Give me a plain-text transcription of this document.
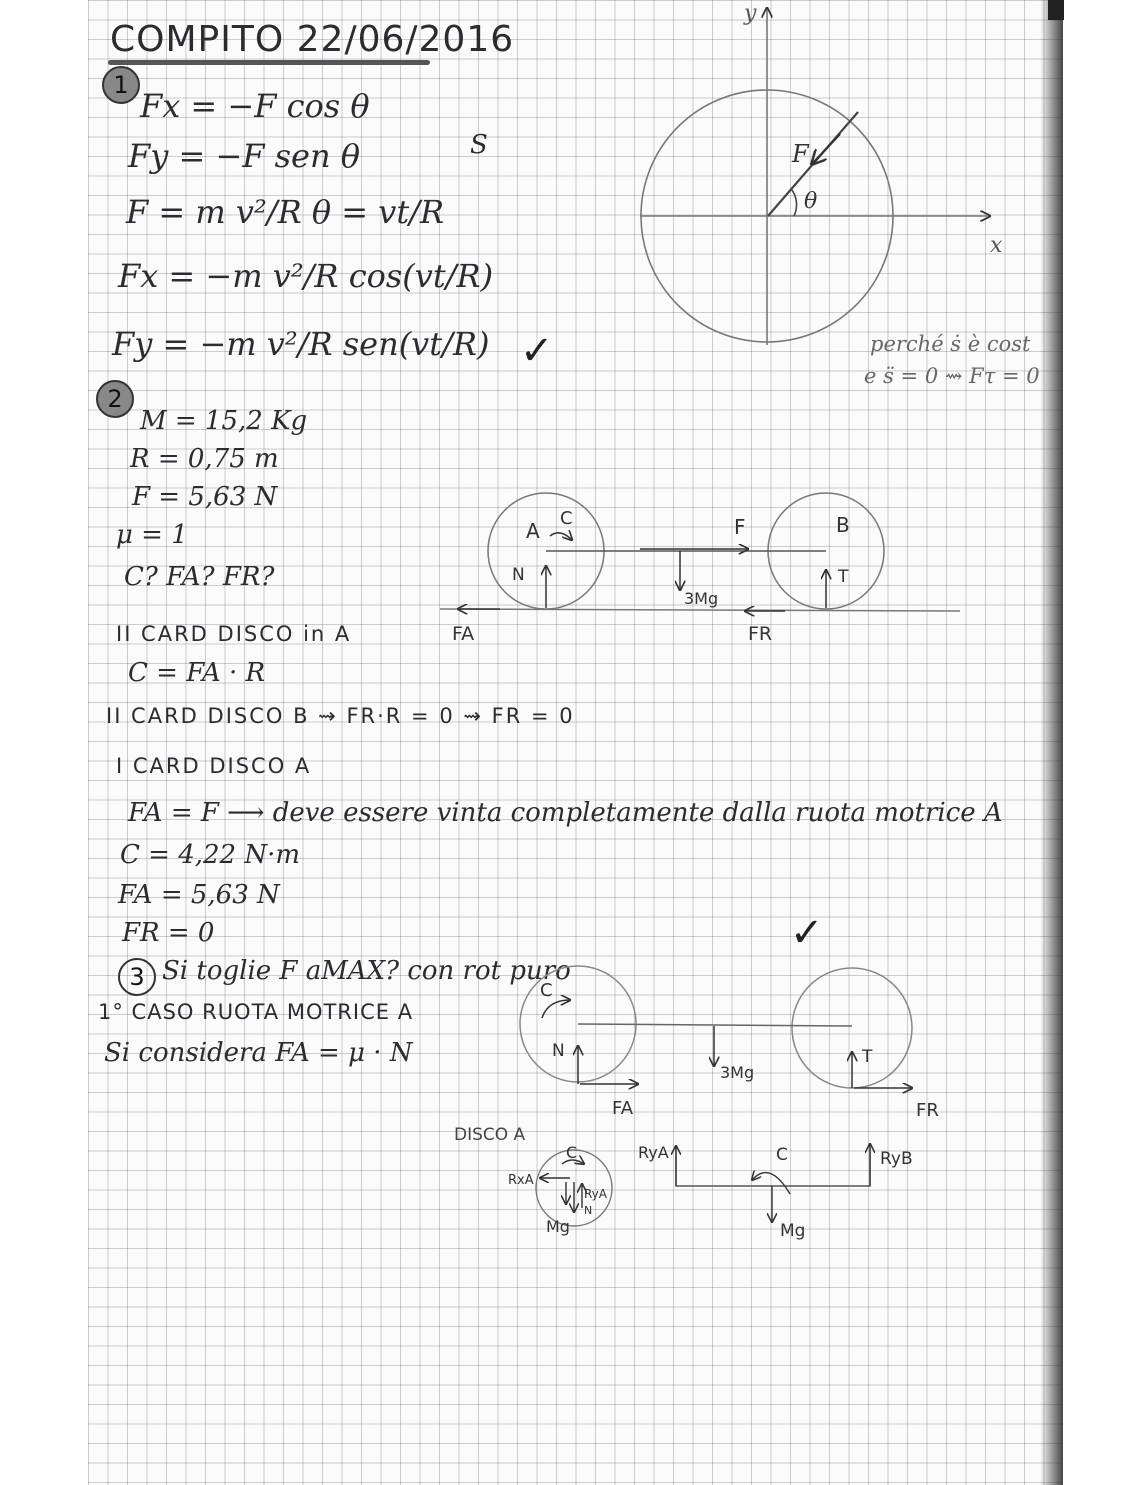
COMPITO 22/06/2016
1
Fx = −F cos θ
Fy = −F sen θ	S
F = m v²/R θ = vt/R
Fx = −m v²/R cos(vt/R)
Fy = −m v²/R sen(vt/R) ✓	perché ṡ è cost
e s̈ = 0 ⇝ Fτ = 0
2
M = 15,2 Kg
R = 0,75 m
F = 5,63 N
μ = 1
C? FA? FR?
II CARD DISCO in A
C = FA · R
II CARD DISCO B ⇝ FR·R = 0 ⇝ FR = 0
I CARD DISCO A
FA = F ⟶ deve essere vinta completamente dalla ruota motrice A
C = 4,22 N·m
FA = 5,63 N
FR = 0	✓
3 Si toglie F aMAX? con rot puro
1° CASO RUOTA MOTRICE A
Si considera FA = μ · N
y
x
F
θ
A
C	F	B
N	T
3Mg
FA	FR
C
N	T
3Mg
FA	FR
DISCO A
C
RxA
RyA
N
Mg
RyA	RyB
C
Mg
